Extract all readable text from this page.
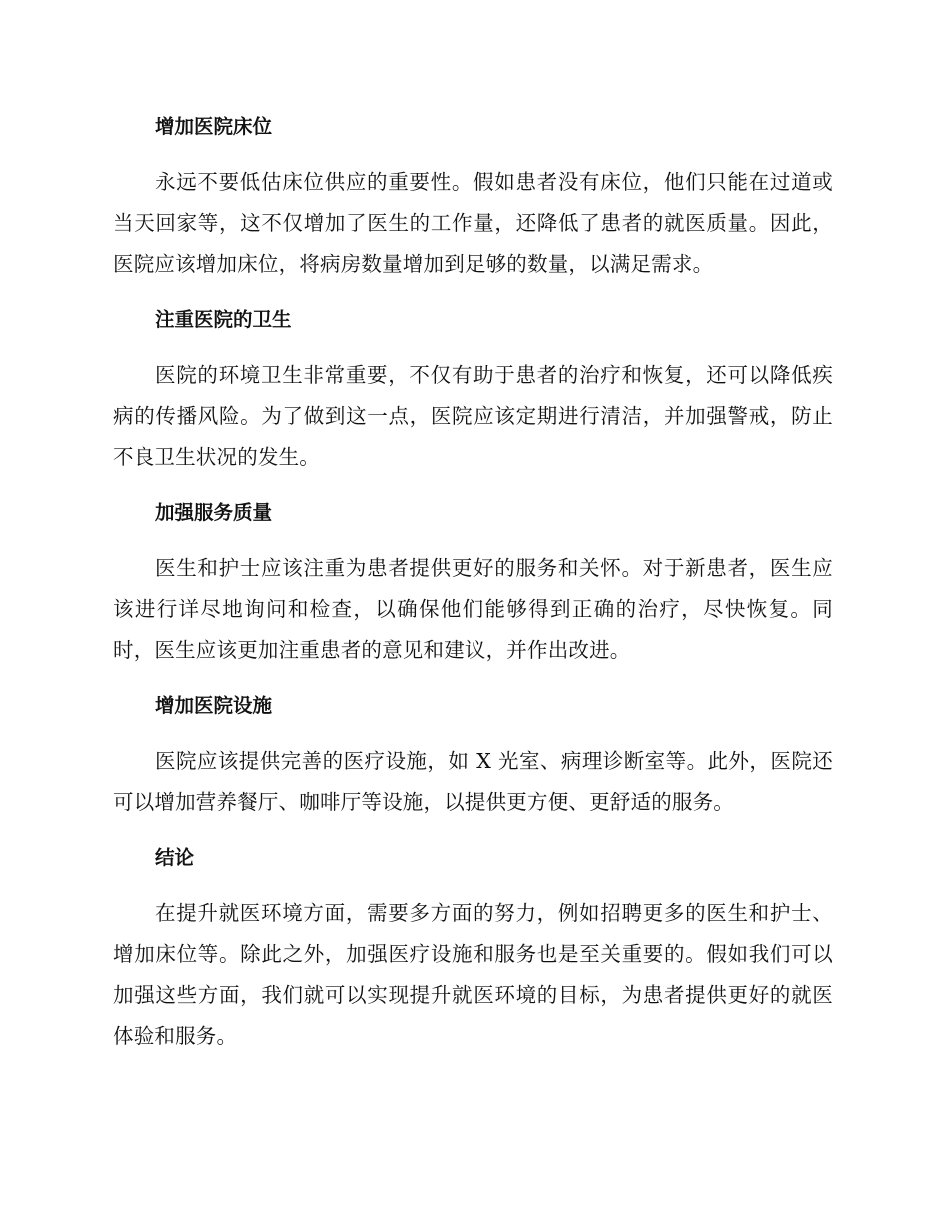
增加医院床位

永远不要低估床位供应的重要性。假如患者没有床位，他们只能在过道或当天回家等，这不仅增加了医生的工作量，还降低了患者的就医质量。因此，医院应该增加床位，将病房数量增加到足够的数量，以满足需求。

注重医院的卫生

医院的环境卫生非常重要，不仅有助于患者的治疗和恢复，还可以降低疾病的传播风险。为了做到这一点，医院应该定期进行清洁，并加强警戒，防止不良卫生状况的发生。

加强服务质量

医生和护士应该注重为患者提供更好的服务和关怀。对于新患者，医生应该进行详尽地询问和检查，以确保他们能够得到正确的治疗，尽快恢复。同时，医生应该更加注重患者的意见和建议，并作出改进。

增加医院设施

医院应该提供完善的医疗设施，如 X 光室、病理诊断室等。此外，医院还可以增加营养餐厅、咖啡厅等设施，以提供更方便、更舒适的服务。

结论

在提升就医环境方面，需要多方面的努力，例如招聘更多的医生和护士、增加床位等。除此之外，加强医疗设施和服务也是至关重要的。假如我们可以加强这些方面，我们就可以实现提升就医环境的目标，为患者提供更好的就医体验和服务。
